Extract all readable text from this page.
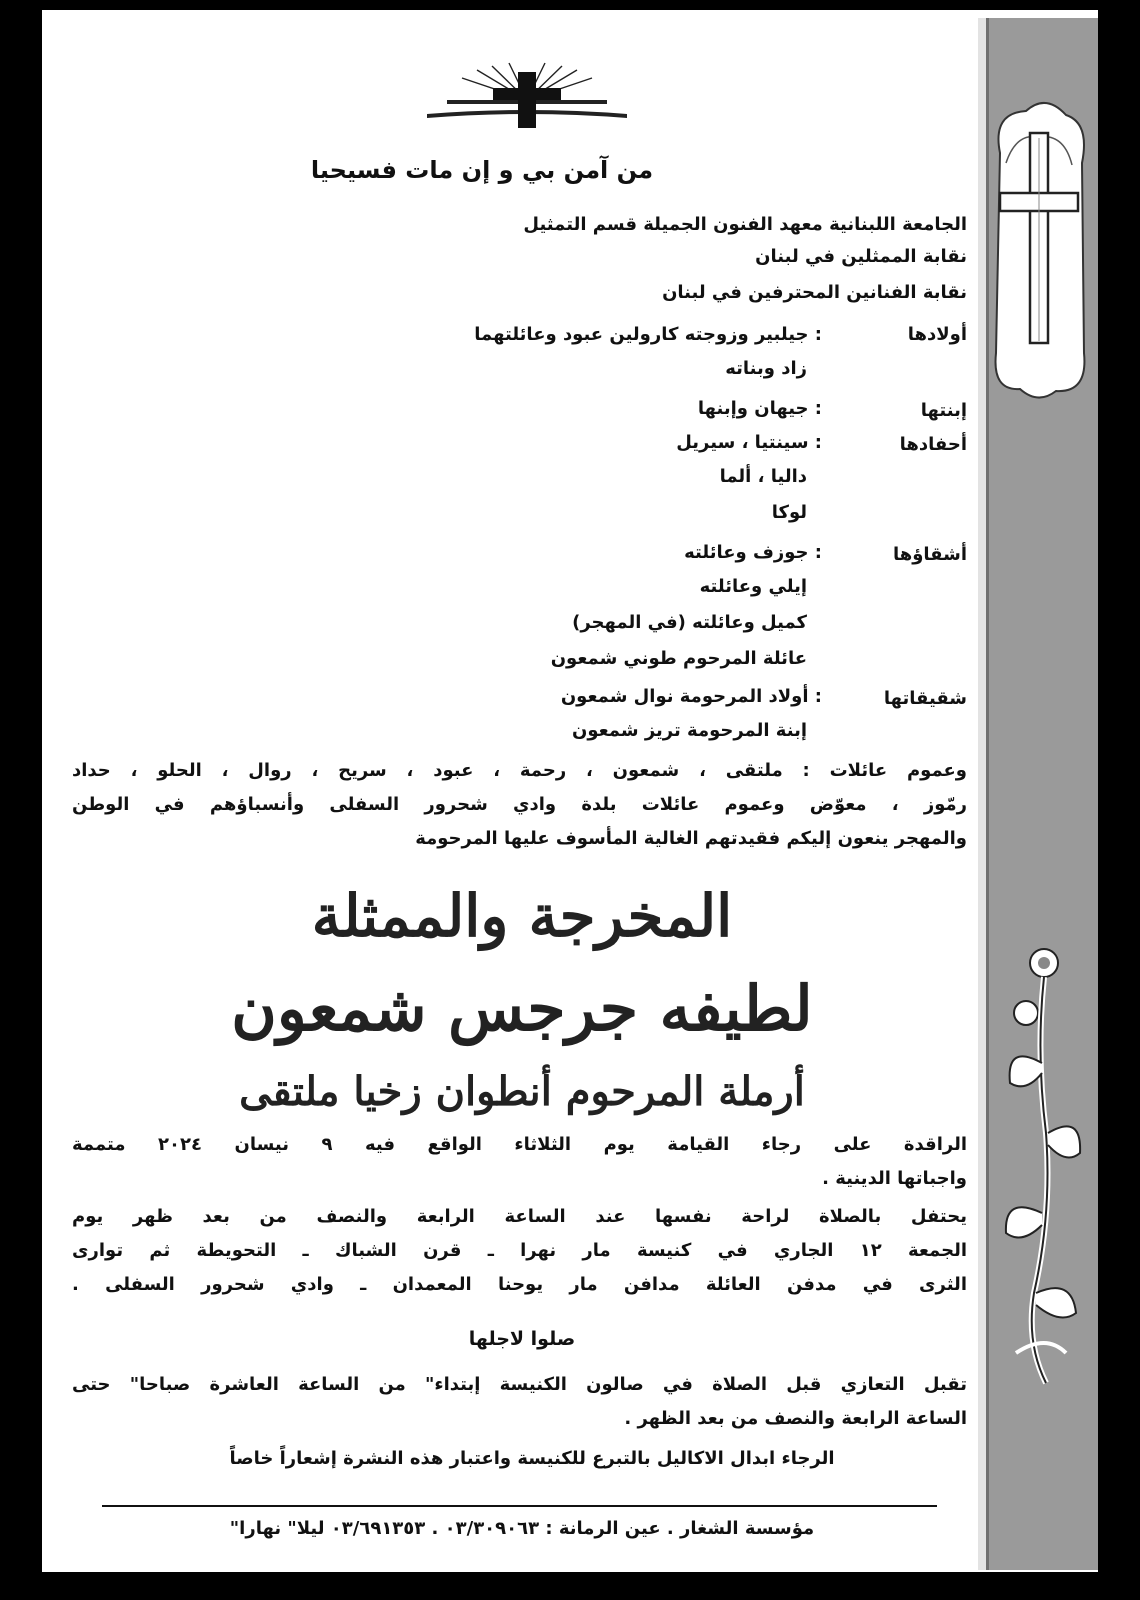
من آمن بي و إن مات فسيحيا
الجامعة اللبنانية معهد الفنون الجميلة قسم التمثيل
نقابة الممثلين في لبنان
نقابة الفنانين المحترفين في لبنان
أولادها
: جيلبير وزوجته كارولين عبود وعائلتهما
زاد وبناته
إبنتها
: جيهان وإبنها
أحفادها
: سينتيا ، سيريل
داليا ، ألما
لوكا
أشقاؤها
: جوزف وعائلته
إيلي وعائلته
كميل وعائلته (في المهجر)
عائلة المرحوم طوني شمعون
شقيقاتها
: أولاد المرحومة نوال شمعون
إبنة المرحومة تريز شمعون
وعموم عائلات : ملتقى ، شمعون ، رحمة ، عبود ، سريح ، روال ، الحلو ، حداد
رمّوز ، معوّض وعموم عائلات بلدة وادي شحرور السفلى وأنسباؤهم في الوطن
والمهجر ينعون إليكم فقيدتهم الغالية المأسوف عليها المرحومة
المخرجة والممثلة
لطيفه جرجس شمعون
أرملة المرحوم أنطوان زخيا ملتقى
الراقدة على رجاء القيامة يوم الثلاثاء الواقع فيه ٩ نيسان ٢٠٢٤ متممة
واجباتها الدينية .
يحتفل بالصلاة لراحة نفسها عند الساعة الرابعة والنصف من بعد ظهر يوم
الجمعة ١٢ الجاري في كنيسة مار نهرا ـ قرن الشباك ـ التحويطة ثم توارى
الثرى في مدفن العائلة مدافن مار يوحنا المعمدان ـ وادي شحرور السفلى .
صلوا لاجلها
تقبل التعازي قبل الصلاة في صالون الكنيسة إبتداء" من الساعة العاشرة صباحا" حتى
الساعة الرابعة والنصف من بعد الظهر .
الرجاء ابدال الاكاليل بالتبرع للكنيسة واعتبار هذه النشرة إشعاراً خاصاً
مؤسسة الشغار . عين الرمانة : ٠٣/٣٠٩٠٦٣ . ٠٣/٦٩١٣٥٣ ليلا" نهارا"
